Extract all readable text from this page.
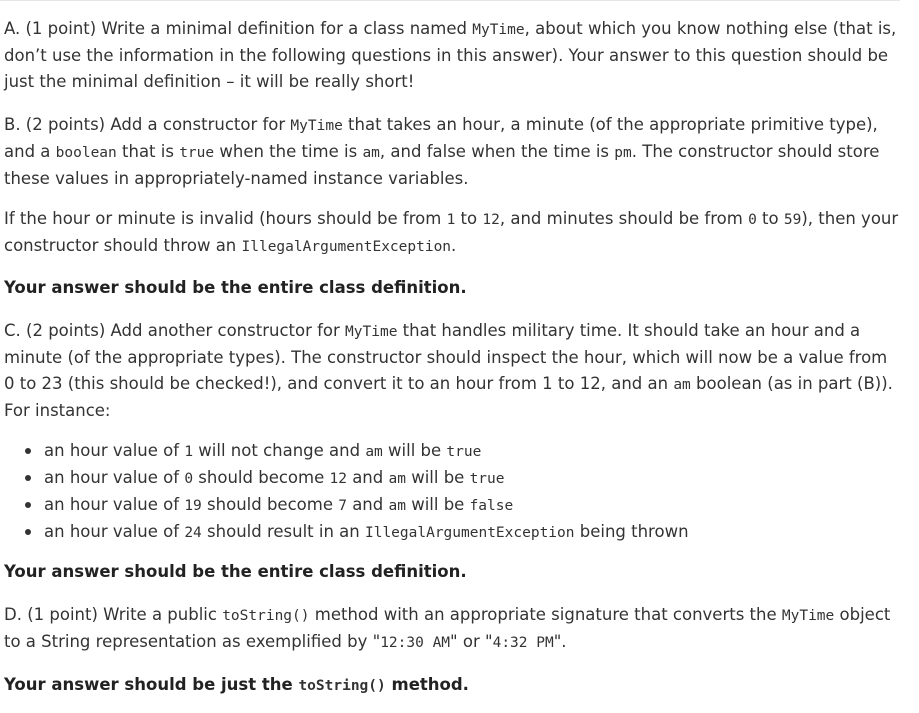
A. (1 point) Write a minimal definition for a class named MyTime, about which you know nothing else (that is, don’t use the information in the following questions in this answer). Your answer to this question should be just the minimal definition – it will be really short!

B. (2 points) Add a constructor for MyTime that takes an hour, a minute (of the appropriate primitive type), and a boolean that is true when the time is am, and false when the time is pm. The constructor should store these values in appropriately-named instance variables.

If the hour or minute is invalid (hours should be from 1 to 12, and minutes should be from 0 to 59), then your constructor should throw an IllegalArgumentException.

Your answer should be the entire class definition.

C. (2 points) Add another constructor for MyTime that handles military time. It should take an hour and a minute (of the appropriate types). The constructor should inspect the hour, which will now be a value from 0 to 23 (this should be checked!), and convert it to an hour from 1 to 12, and an am boolean (as in part (B)). For instance:

an hour value of 1 will not change and am will be true
an hour value of 0 should become 12 and am will be true
an hour value of 19 should become 7 and am will be false
an hour value of 24 should result in an IllegalArgumentException being thrown

Your answer should be the entire class definition.

D. (1 point) Write a public toString() method with an appropriate signature that converts the MyTime object to a String representation as exemplified by "12:30 AM" or "4:32 PM".

Your answer should be just the toString() method.
